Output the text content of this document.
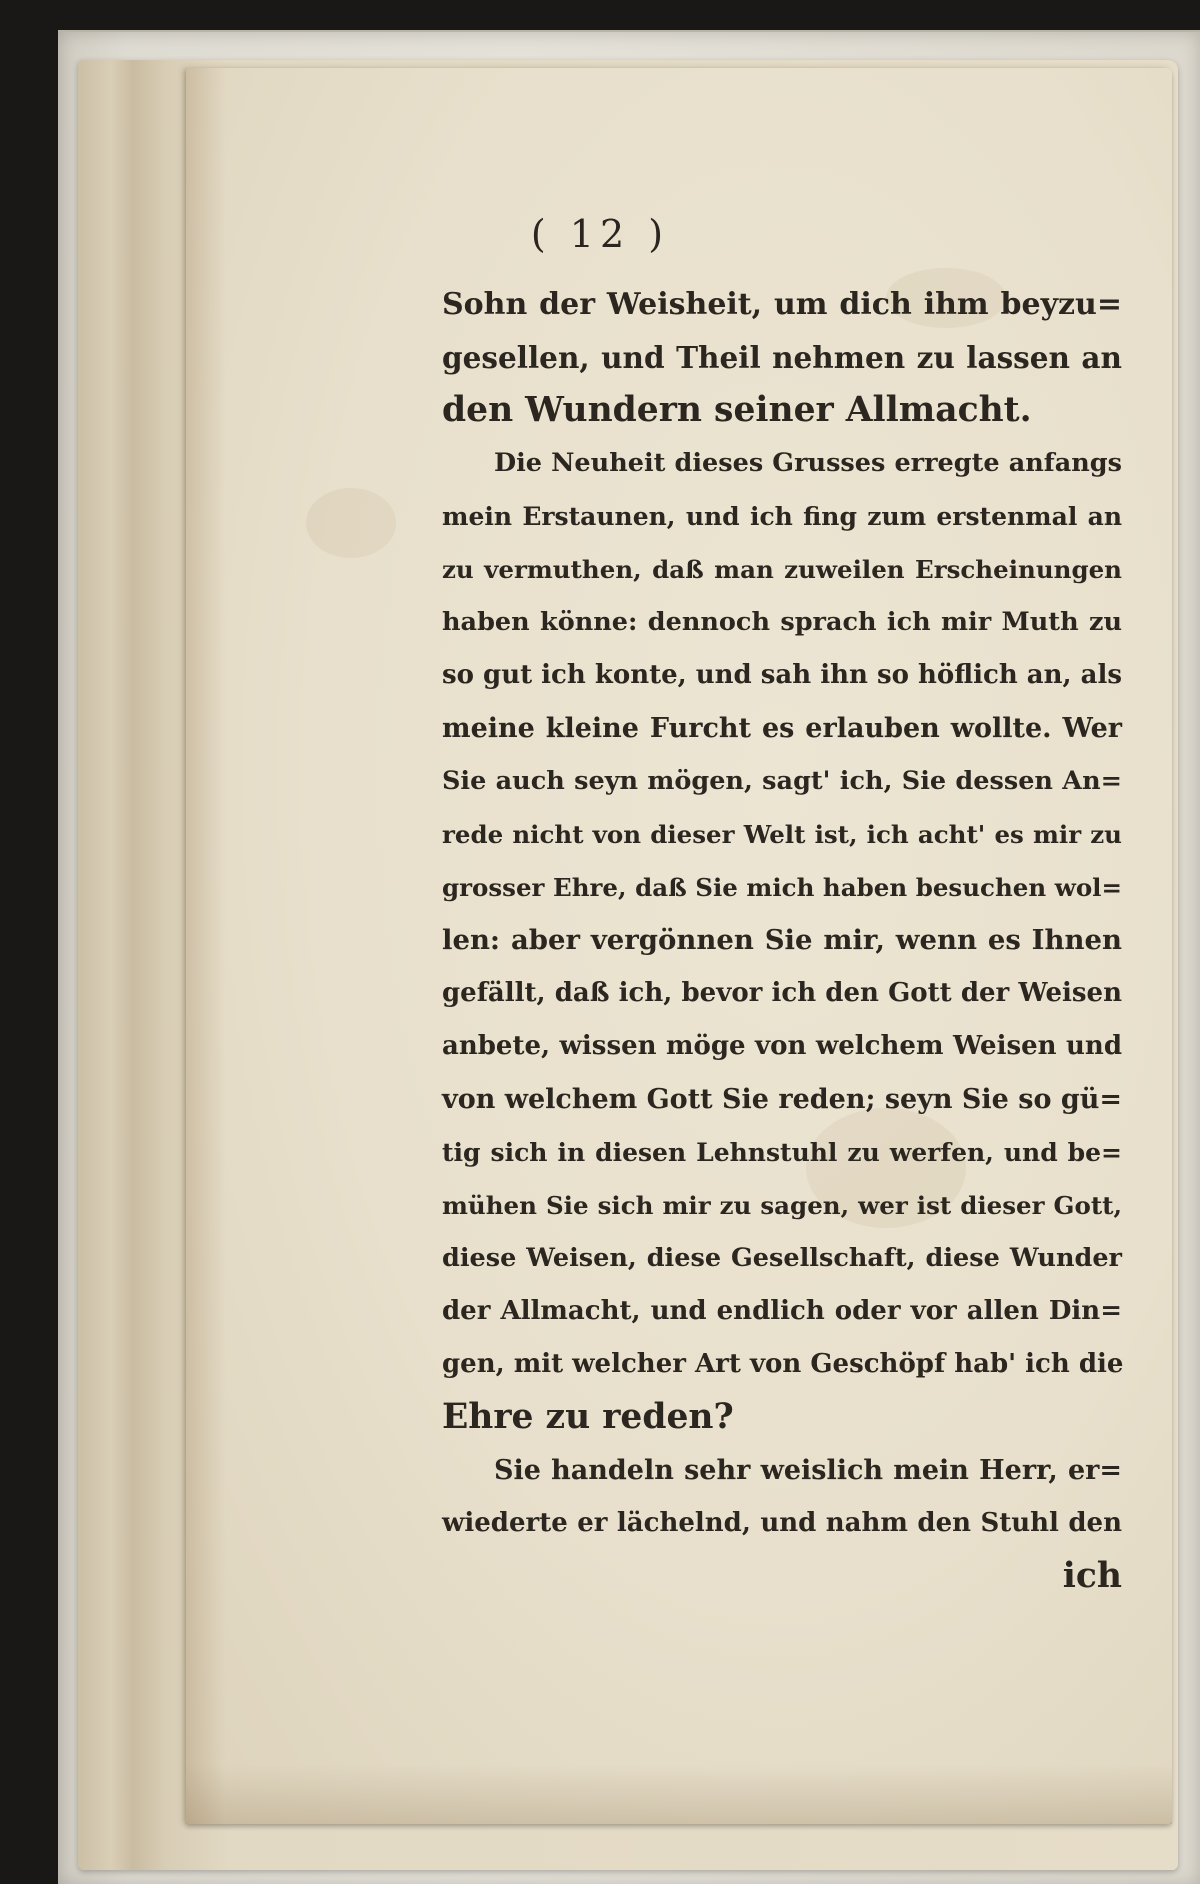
( 12 )
Sohn der Weisheit, um dich ihm beyzu=
gesellen, und Theil nehmen zu lassen an
den Wundern seiner Allmacht.
Die Neuheit dieses Grusses erregte anfangs
mein Erstaunen, und ich fing zum erstenmal an
zu vermuthen, daß man zuweilen Erscheinungen
haben könne: dennoch sprach ich mir Muth zu
so gut ich konte, und sah ihn so höflich an, als
meine kleine Furcht es erlauben wollte. Wer
Sie auch seyn mögen, sagt' ich, Sie dessen An=
rede nicht von dieser Welt ist, ich acht' es mir zu
grosser Ehre, daß Sie mich haben besuchen wol=
len: aber vergönnen Sie mir, wenn es Ihnen
gefällt, daß ich, bevor ich den Gott der Weisen
anbete, wissen möge von welchem Weisen und
von welchem Gott Sie reden; seyn Sie so gü=
tig sich in diesen Lehnstuhl zu werfen, und be=
mühen Sie sich mir zu sagen, wer ist dieser Gott,
diese Weisen, diese Gesellschaft, diese Wunder
der Allmacht, und endlich oder vor allen Din=
gen, mit welcher Art von Geschöpf hab' ich die
Ehre zu reden?
Sie handeln sehr weislich mein Herr, er=
wiederte er lächelnd, und nahm den Stuhl den
ich
